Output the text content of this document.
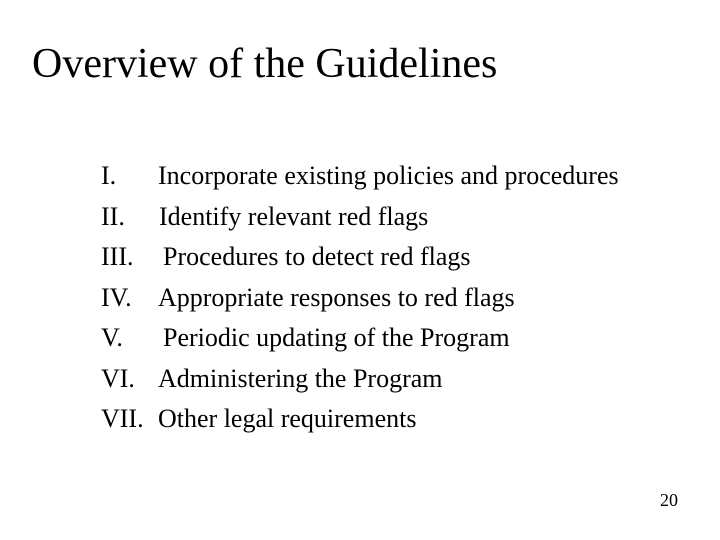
Overview of the Guidelines
I. Incorporate existing policies and procedures
II. Identify relevant red flags
III. Procedures to detect red flags
IV. Appropriate responses to red flags
V. Periodic updating of the Program
VI. Administering the Program
VII. Other legal requirements
20
